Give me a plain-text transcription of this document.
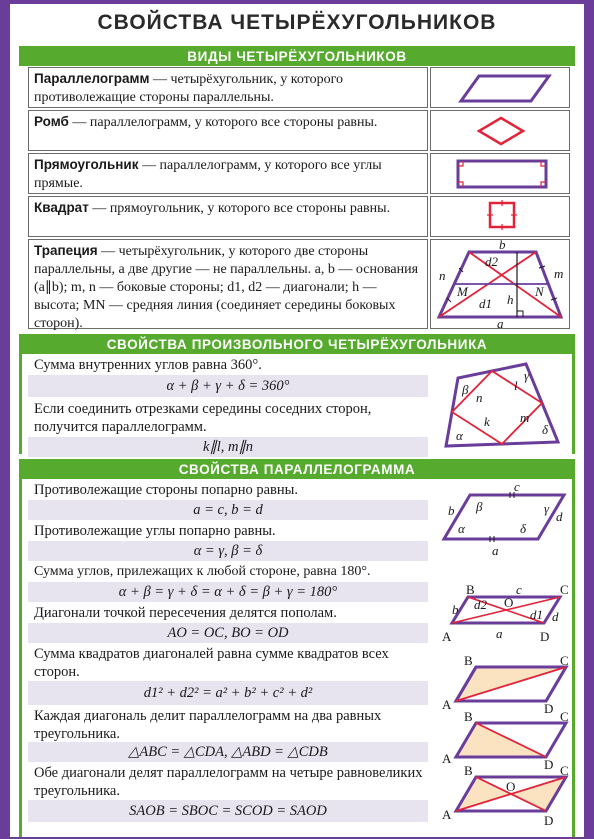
СВОЙСТВА ЧЕТЫРЁХУГОЛЬНИКОВ
ВИДЫ ЧЕТЫРЁХУГОЛЬНИКОВ
Параллелограмм — четырёхугольник, у которого противолежащие стороны параллельны.
Ромб — параллелограмм, у которого все стороны равны.
Прямоугольник — параллелограмм, у которого все углы прямые.
Квадрат — прямоугольник, у которого все стороны равны.
Трапеция — четырёхугольник, у которого две стороны параллельны, а две другие — не параллельны. a, b — основания (a∥b); m, n — боковые стороны; d1, d2 — диагонали; h — высота; MN — средняя линия (соединяет середины боковых сторон).
b
a
d2
d1
n	m
M	N
h
СВОЙСТВА ПРОИЗВОЛЬНОГО ЧЕТЫРЁХУГОЛЬНИКА
Сумма внутренних углов равна 360°.
α + β + γ + δ = 360°
Если соединить отрезками середины соседних сторон, получится параллелограмм.
k∥l, m∥n
α
β
γ
δ
k
l
m
n
СВОЙСТВА ПАРАЛЛЕЛОГРАММА
Противолежащие стороны попарно равны.
a = c, b = d
Противолежащие углы попарно равны.
α = γ, β = δ
Сумма углов, прилежащих к любой стороне, равна 180°.
α + β = γ + δ = α + δ = β + γ = 180°
Диагонали точкой пересечения делятся пополам.
AO = OC, BO = OD
Сумма квадратов диагоналей равна сумме квадратов всех сторон.
d1² + d2² = a² + b² + c² + d²
Каждая диагональ делит параллелограмм на два равных треугольника.
△ABC = △CDA, △ABD = △CDB
Обе диагонали делят параллелограмм на четыре равновеликих треугольника.
SAOB = SBOC = SCOD = SAOD
c
a
b	d
α
β	γ
δ
B	C
A	D
O
c
a
b	d
d2
d1
B	C
A	D
B	C
A	D
B	C
A	D
O
